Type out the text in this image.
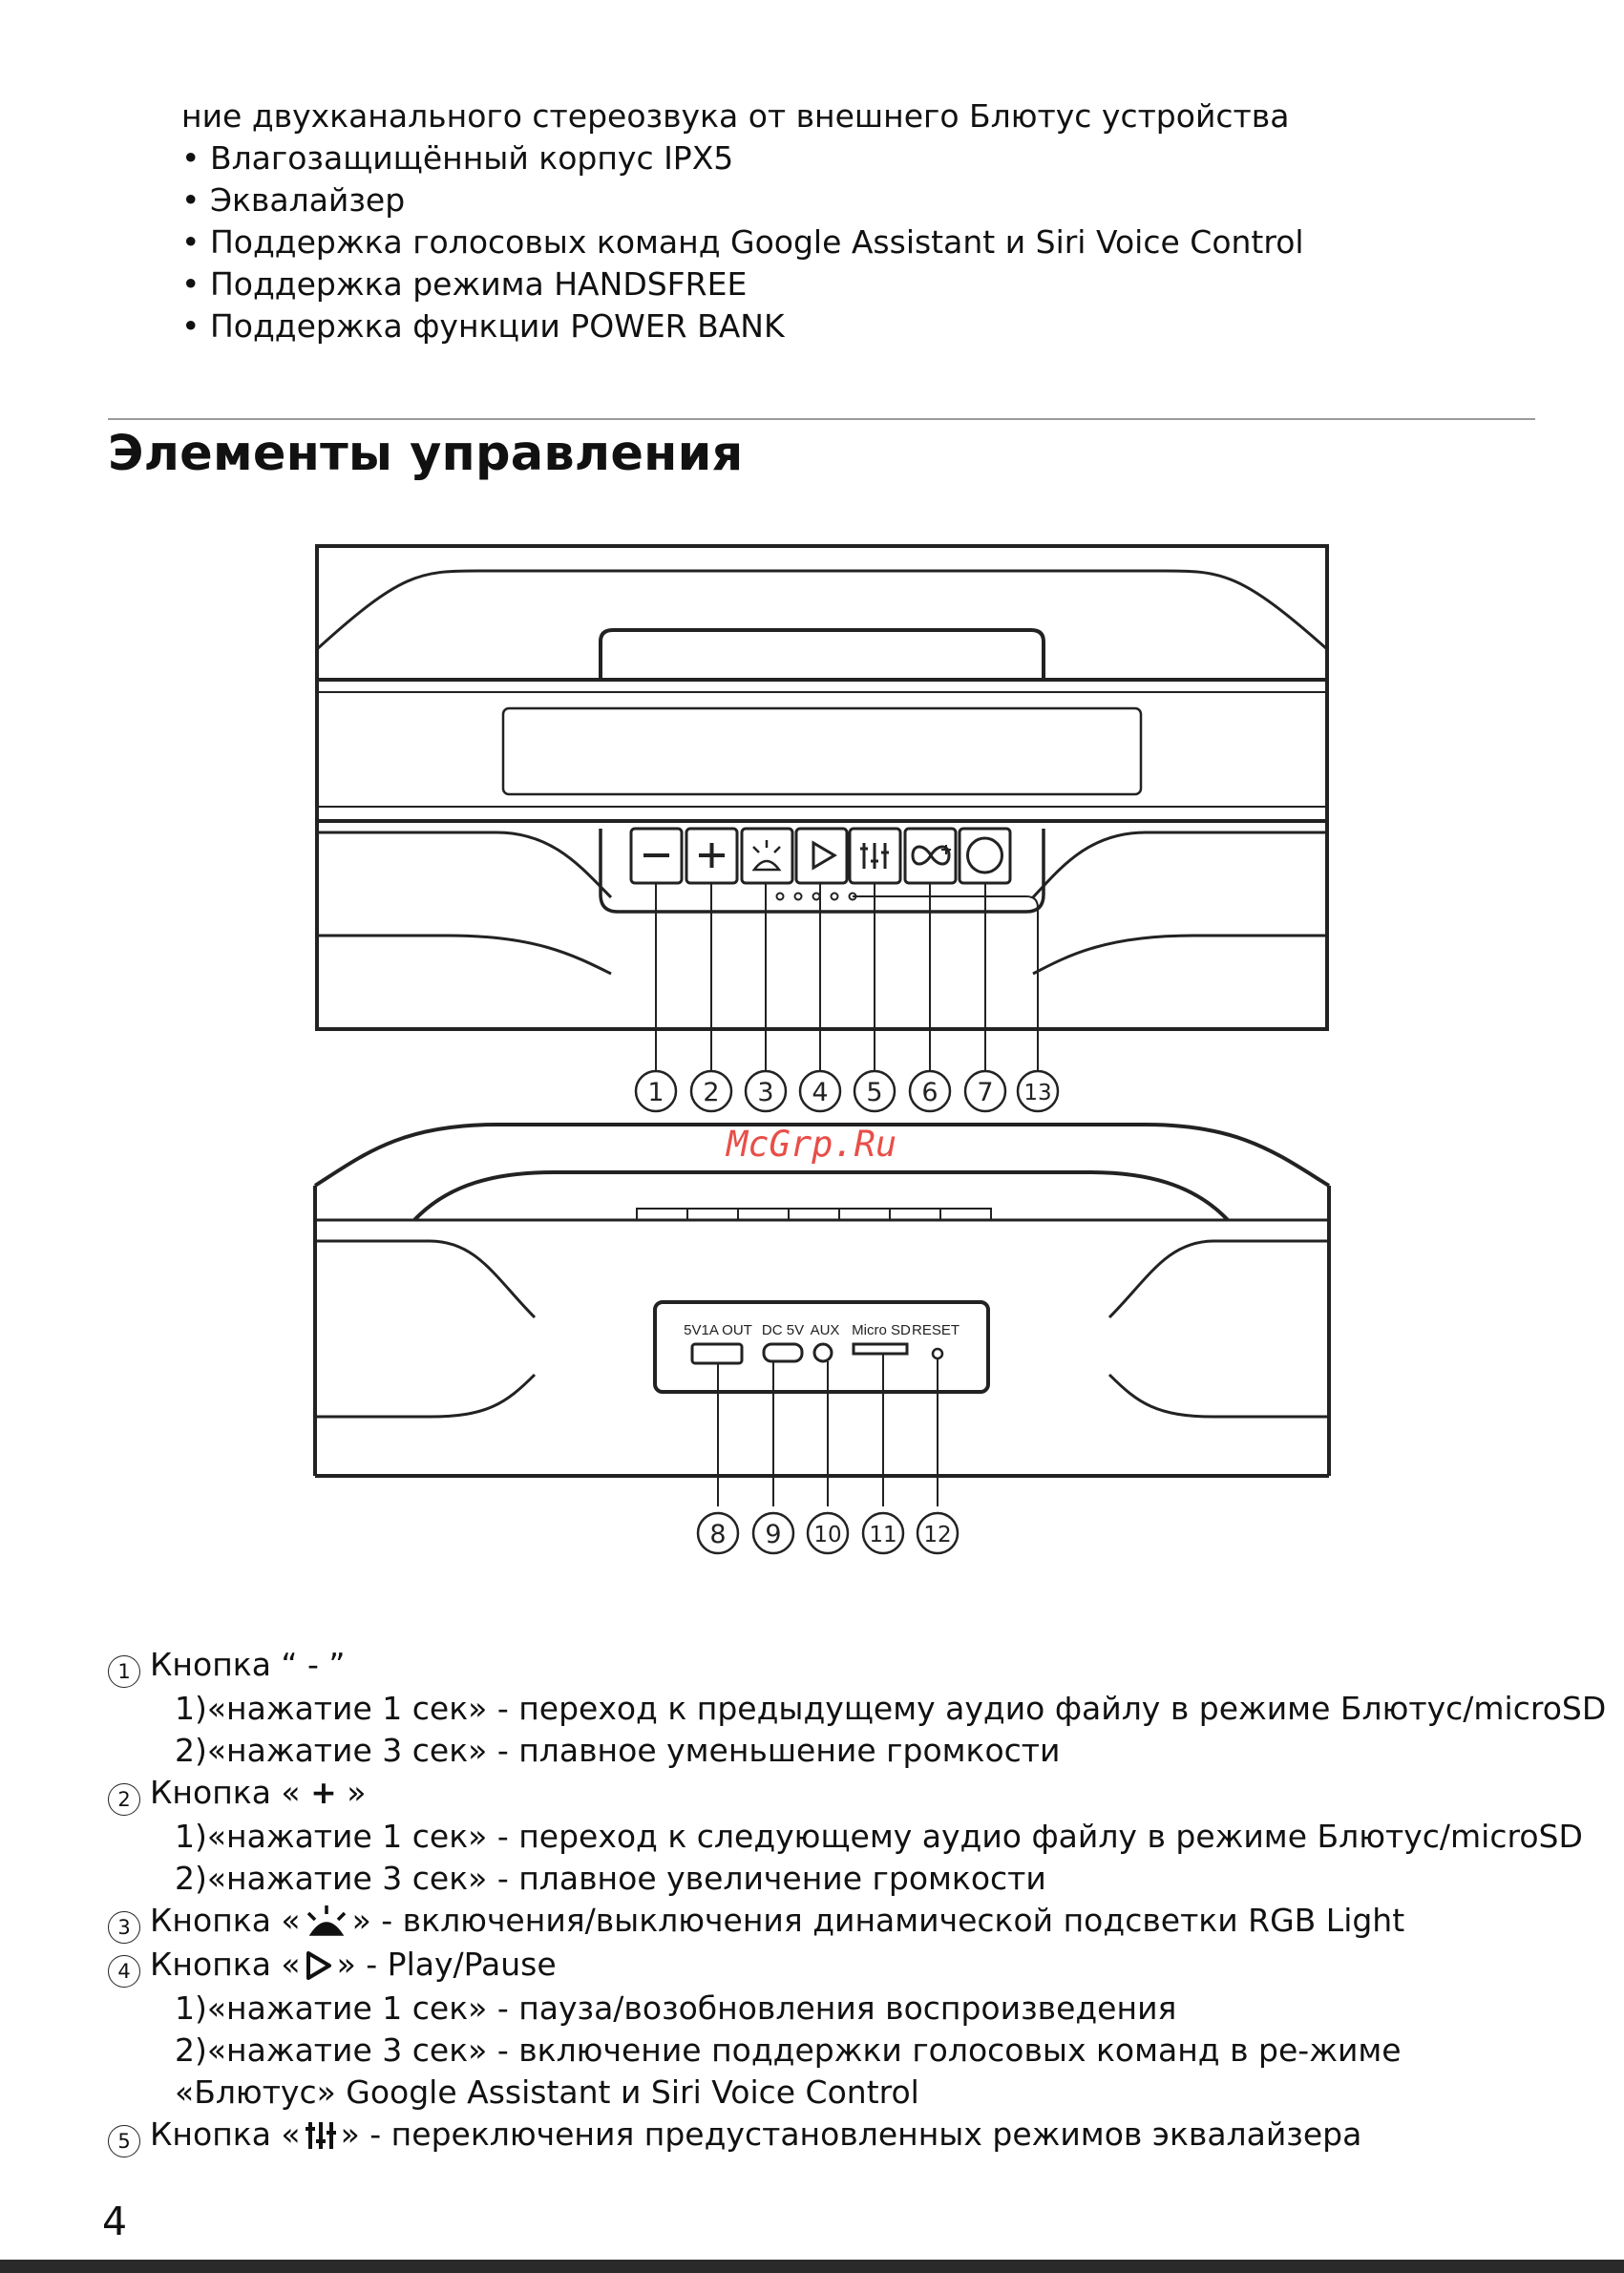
ние двухканального стереозвука от внешнего Блютус устройства
• Влагозащищённый корпус IPX5
• Эквалайзер
• Поддержка голосовых команд Google Assistant и Siri Voice Control
• Поддержка режима HANDSFREE
• Поддержка функции POWER BANK
Элементы управления
5V1A OUT DC 5V AUX Micro SD RESET
1 2 3 4 5 6 7 13
8 9 10 11 12
McGrp.Ru
1 Кнопка “ - ”
1)«нажатие 1 сек» - переход к предыдущему аудио файлу в режиме Блютус/microSD
2)«нажатие 3 сек» - плавное уменьшение громкости
2 Кнопка « + »
1)«нажатие 1 сек» - переход к следующему аудио файлу в режиме Блютус/microSD
2)«нажатие 3 сек» - плавное увеличение громкости
3 Кнопка « » - включения/выключения динамической подсветки RGB Light
4 Кнопка « » - Play/Pause
1)«нажатие 1 сек» - пауза/возобновления воспроизведения
2)«нажатие 3 сек» - включение поддержки голосовых команд в ре-жиме «Блютус» Google Assistant и Siri Voice Control
5 Кнопка « » - переключения предустановленных режимов эквалайзера
4
